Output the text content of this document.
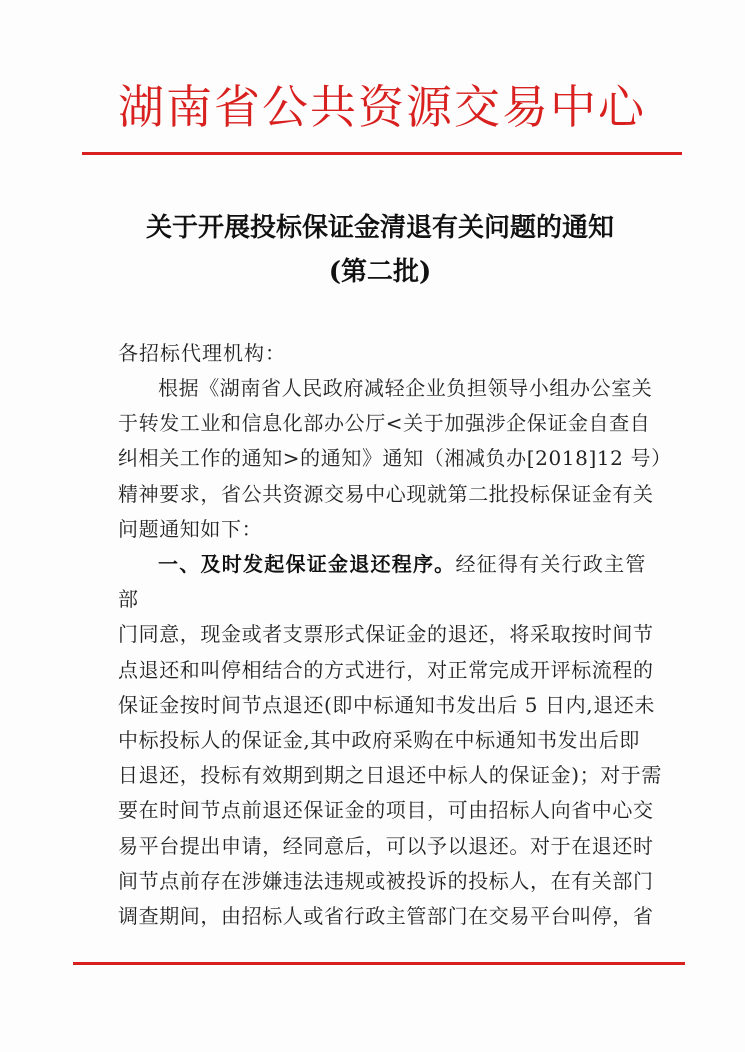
湖南省公共资源交易中心
关于开展投标保证金清退有关问题的通知
(第二批)
各招标代理机构：

根据《湖南省人民政府减轻企业负担领导小组办公室关

于转发工业和信息化部办公厅<关于加强涉企保证金自查自
纠相关工作的通知>的通知》通知（湘减负办[2018]12 号）
精神要求，省公共资源交易中心现就第二批投标保证金有关
问题通知如下：

一、及时发起保证金退还程序。经征得有关行政主管部

门同意，现金或者支票形式保证金的退还，将采取按时间节
点退还和叫停相结合的方式进行，对正常完成开评标流程的
保证金按时间节点退还(即中标通知书发出后 5 日内,退还未
中标投标人的保证金,其中政府采购在中标通知书发出后即
日退还，投标有效期到期之日退还中标人的保证金)；对于需
要在时间节点前退还保证金的项目，可由招标人向省中心交
易平台提出申请，经同意后，可以予以退还。对于在退还时
间节点前存在涉嫌违法违规或被投诉的投标人，在有关部门
调查期间，由招标人或省行政主管部门在交易平台叫停，省
